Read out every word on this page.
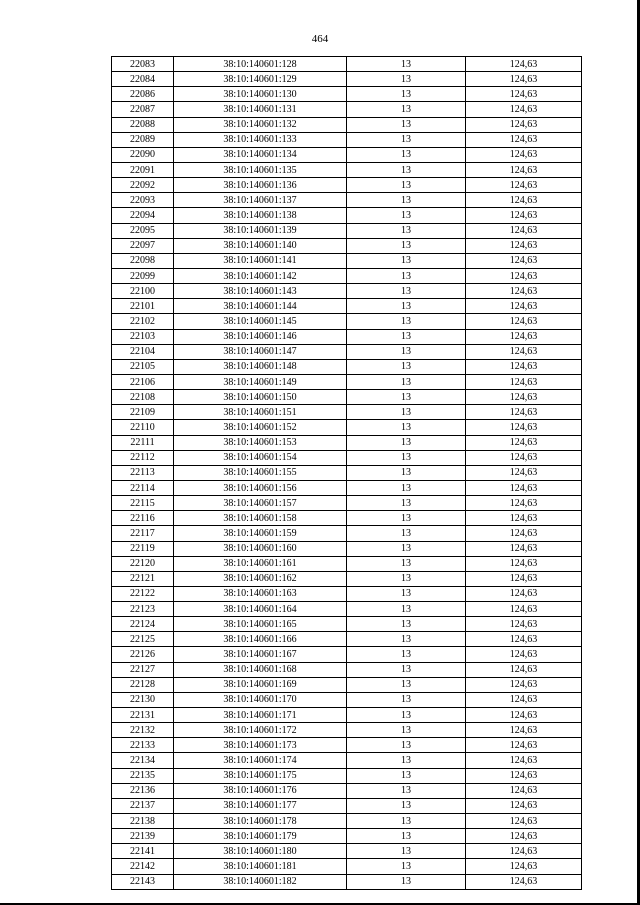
464
22083	38:10:140601:128	13	124,63
22084	38:10:140601:129	13	124,63
22086	38:10:140601:130	13	124,63
22087	38:10:140601:131	13	124,63
22088	38:10:140601:132	13	124,63
22089	38:10:140601:133	13	124,63
22090	38:10:140601:134	13	124,63
22091	38:10:140601:135	13	124,63
22092	38:10:140601:136	13	124,63
22093	38:10:140601:137	13	124,63
22094	38:10:140601:138	13	124,63
22095	38:10:140601:139	13	124,63
22097	38:10:140601:140	13	124,63
22098	38:10:140601:141	13	124,63
22099	38:10:140601:142	13	124,63
22100	38:10:140601:143	13	124,63
22101	38:10:140601:144	13	124,63
22102	38:10:140601:145	13	124,63
22103	38:10:140601:146	13	124,63
22104	38:10:140601:147	13	124,63
22105	38:10:140601:148	13	124,63
22106	38:10:140601:149	13	124,63
22108	38:10:140601:150	13	124,63
22109	38:10:140601:151	13	124,63
22110	38:10:140601:152	13	124,63
22111	38:10:140601:153	13	124,63
22112	38:10:140601:154	13	124,63
22113	38:10:140601:155	13	124,63
22114	38:10:140601:156	13	124,63
22115	38:10:140601:157	13	124,63
22116	38:10:140601:158	13	124,63
22117	38:10:140601:159	13	124,63
22119	38:10:140601:160	13	124,63
22120	38:10:140601:161	13	124,63
22121	38:10:140601:162	13	124,63
22122	38:10:140601:163	13	124,63
22123	38:10:140601:164	13	124,63
22124	38:10:140601:165	13	124,63
22125	38:10:140601:166	13	124,63
22126	38:10:140601:167	13	124,63
22127	38:10:140601:168	13	124,63
22128	38:10:140601:169	13	124,63
22130	38:10:140601:170	13	124,63
22131	38:10:140601:171	13	124,63
22132	38:10:140601:172	13	124,63
22133	38:10:140601:173	13	124,63
22134	38:10:140601:174	13	124,63
22135	38:10:140601:175	13	124,63
22136	38:10:140601:176	13	124,63
22137	38:10:140601:177	13	124,63
22138	38:10:140601:178	13	124,63
22139	38:10:140601:179	13	124,63
22141	38:10:140601:180	13	124,63
22142	38:10:140601:181	13	124,63
22143	38:10:140601:182	13	124,63
